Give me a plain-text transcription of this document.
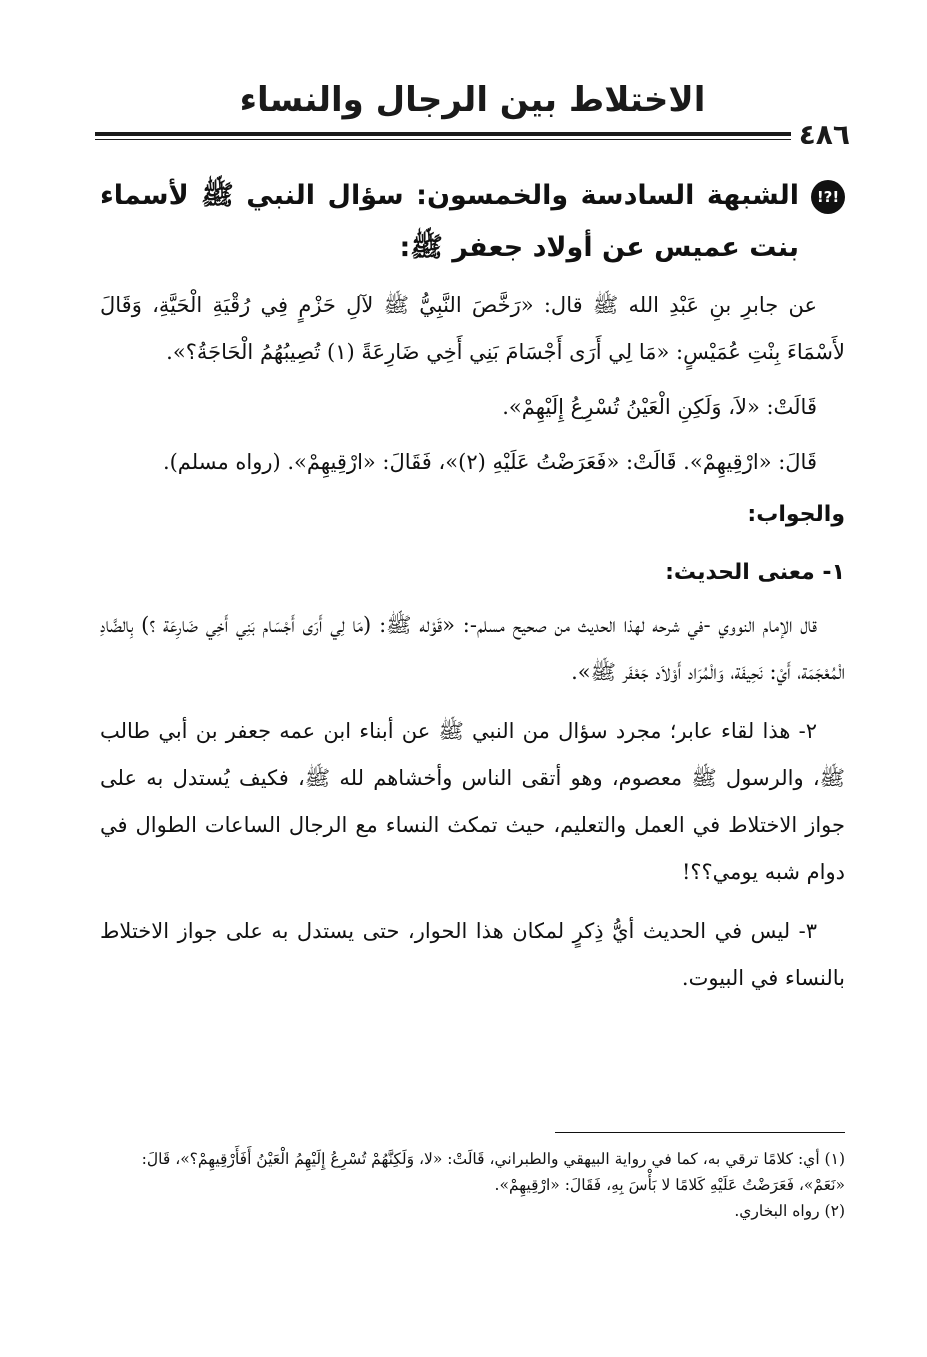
الاختلاط بين الرجال والنساء
٤٨٦
!?!
الشبهة السادسة والخمسون: سؤال النبي ﷺ لأسماء بنت عميس عن أولاد جعفر ﷺ:

عن جابرِ بنِ عَبْدِ الله ﷺ قال: «رَخَّصَ النَّبِيُّ ﷺ لآلِ حَزْمٍ فِي رُقْيَةِ الْحَيَّةِ، وَقَالَ لأَسْمَاءَ بِنْتِ عُمَيْسٍ: «مَا لِي أَرَى أَجْسَامَ بَنِي أَخِي ضَارِعَةً (١) تُصِيبُهُمُ الْحَاجَةُ؟».

قَالَتْ: «لاَ، وَلَكِنِ الْعَيْنُ تُسْرِعُ إِلَيْهِمْ».

قَالَ: «ارْقِيهِمْ». قَالَتْ: «فَعَرَضْتُ عَلَيْهِ (٢)»، فَقَالَ: «ارْقِيهِمْ». (رواه مسلم).

والجواب:
١- معنى الحديث:

قال الإمام النووي -في شرحه لهذا الحديث من صحيح مسلم-: «قَوْله ﷺ: (مَا لِي أَرَى أَجْسَام بَنِي أَخِي ضَارِعَة ؟) بِالضَّادِ الْمُعْجَمَة، أَيْ: نَحِيفَة، وَالْمُرَاد أَوْلاَد جَعْفَر ﷺ».

٢- هذا لقاء عابر؛ مجرد سؤال من النبي ﷺ عن أبناء ابن عمه جعفر بن أبي طالب ﷺ، والرسول ﷺ معصوم، وهو أتقى الناس وأخشاهم لله ﷺ، فكيف يُستدل به على جواز الاختلاط في العمل والتعليم، حيث تمكث النساء مع الرجال الساعات الطوال في دوام شبه يومي؟؟!

٣- ليس في الحديث أيُّ ذِكرٍ لمكان هذا الحوار، حتى يستدل به على جواز الاختلاط بالنساء في البيوت.

(١) أي: كلامًا ترقي به، كما في رواية البيهقي والطبراني، قَالَتْ: «لا، وَلَكِنَّهُمْ تُسْرِعُ إِلَيْهِمُ الْعَيْنُ أَفَأَرْقِيهِمْ؟»، قَالَ: «نَعَمْ»، فَعَرَضْتُ عَلَيْهِ كَلامًا لا بَأْسَ بِهِ، فَقَالَ: «ارْقِيهِمْ».

(٢) رواه البخاري.
